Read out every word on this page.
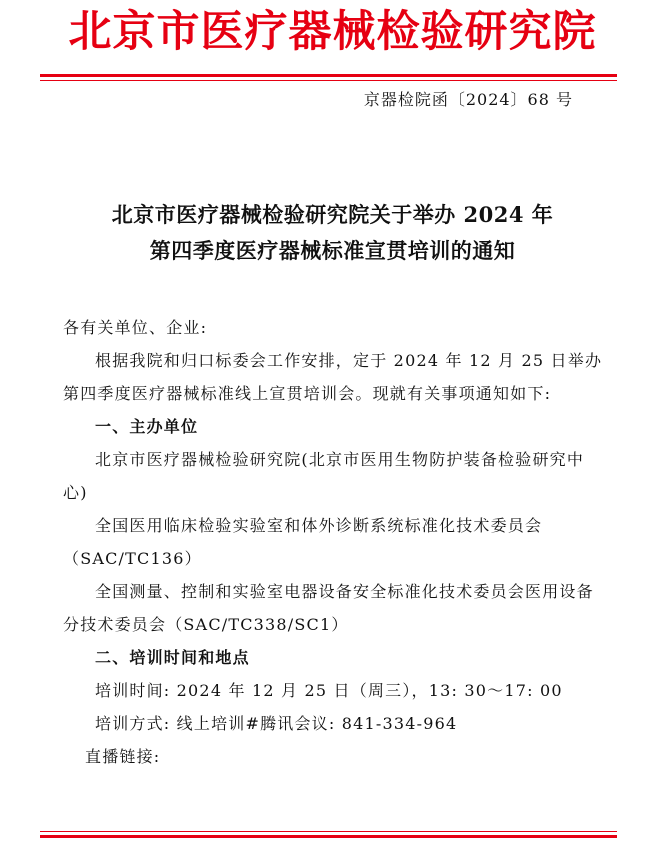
北京市医疗器械检验研究院
京器检院函〔2024〕68 号
北京市医疗器械检验研究院关于举办 2024 年
第四季度医疗器械标准宣贯培训的通知

各有关单位、企业:

根据我院和归口标委会工作安排，定于 2024 年 12 月 25 日举办第四季度医疗器械标准线上宣贯培训会。现就有关事项通知如下:

一、主办单位

北京市医疗器械检验研究院(北京市医用生物防护装备检验研究中心)

全国医用临床检验实验室和体外诊断系统标准化技术委员会（SAC/TC136）

全国测量、控制和实验室电器设备安全标准化技术委员会医用设备分技术委员会（SAC/TC338/SC1）

二、培训时间和地点

培训时间: 2024 年 12 月 25 日（周三），13: 30～17: 00

培训方式: 线上培训#腾讯会议: 841-334-964

直播链接:
